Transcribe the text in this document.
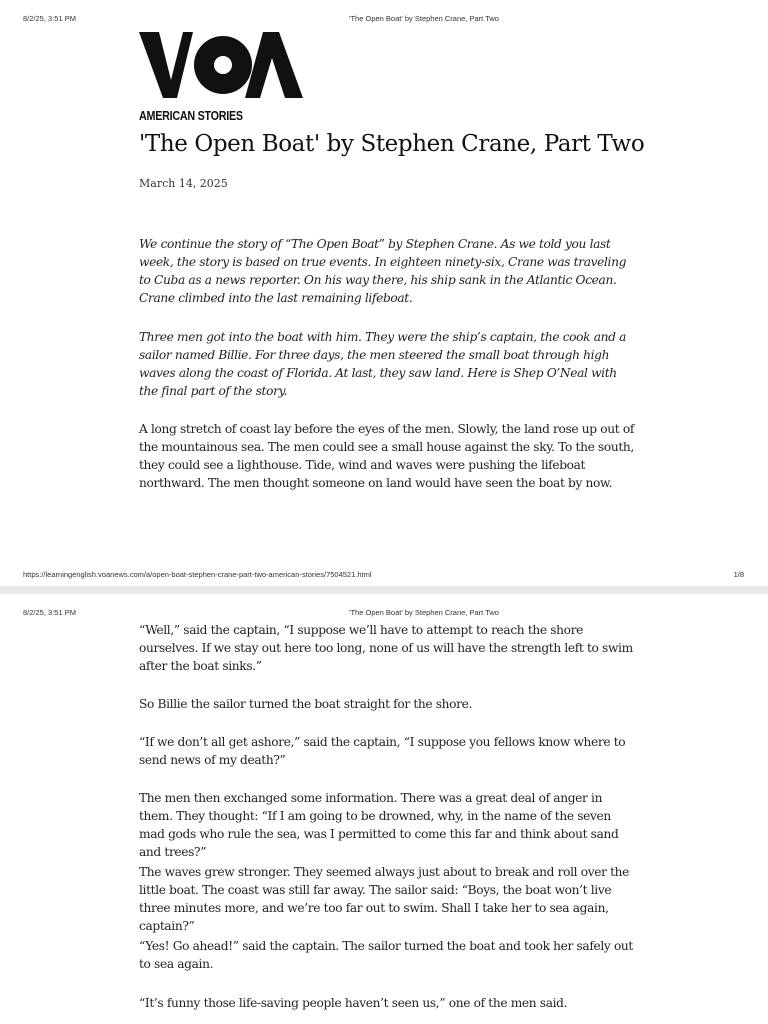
8/2/25, 3:51 PM	'The Open Boat' by Stephen Crane, Part Two
AMERICAN STORIES
'The Open Boat' by Stephen Crane, Part Two
March 14, 2025

We continue the story of “The Open Boat” by Stephen Crane. As we told you last week, the story is based on true events. In eighteen ninety-six, Crane was traveling to Cuba as a news reporter. On his way there, his ship sank in the Atlantic Ocean. Crane climbed into the last remaining lifeboat.

Three men got into the boat with him. They were the ship’s captain, the cook and a sailor named Billie. For three days, the men steered the small boat through high waves along the coast of Florida. At last, they saw land. Here is Shep O’Neal with the final part of the story.

A long stretch of coast lay before the eyes of the men. Slowly, the land rose up out of the mountainous sea. The men could see a small house against the sky. To the south, they could see a lighthouse. Tide, wind and waves were pushing the lifeboat northward. The men thought someone on land would have seen the boat by now.

https://learningenglish.voanews.com/a/open-boat-stephen-crane-part-two-american-stories/7504521.html	1/8
8/2/25, 3:51 PM	'The Open Boat' by Stephen Crane, Part Two

“Well,” said the captain, “I suppose we’ll have to attempt to reach the shore ourselves. If we stay out here too long, none of us will have the strength left to swim after the boat sinks.”

So Billie the sailor turned the boat straight for the shore.

“If we don’t all get ashore,” said the captain, “I suppose you fellows know where to send news of my death?”

The men then exchanged some information. There was a great deal of anger in them. They thought: “If I am going to be drowned, why, in the name of the seven mad gods who rule the sea, was I permitted to come this far and think about sand and trees?”

The waves grew stronger. They seemed always just about to break and roll over the little boat. The coast was still far away. The sailor said: “Boys, the boat won’t live three minutes more, and we’re too far out to swim. Shall I take her to sea again, captain?”

“Yes! Go ahead!” said the captain. The sailor turned the boat and took her safely out to sea again.

“It’s funny those life-saving people haven’t seen us,” one of the men said.
